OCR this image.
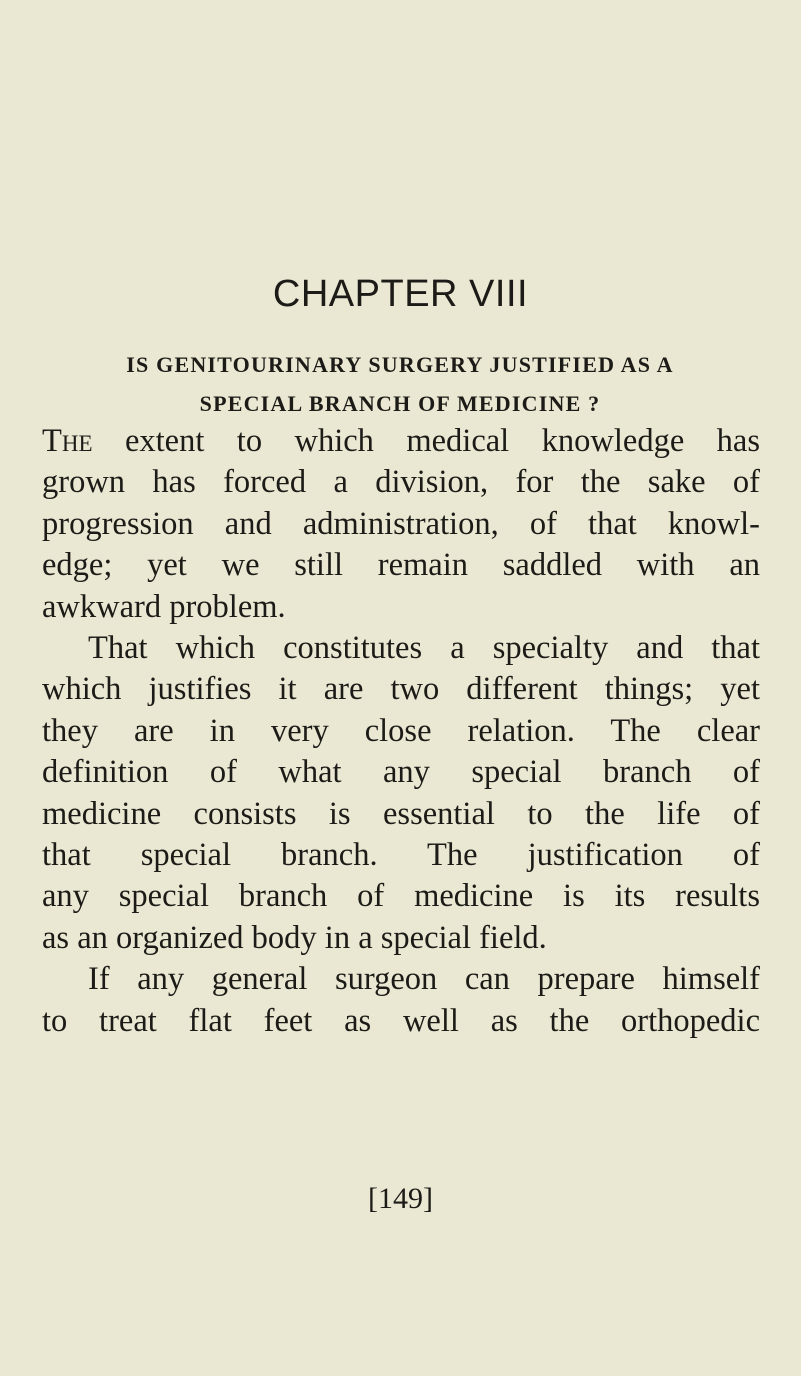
CHAPTER VIII
IS GENITOURINARY SURGERY JUSTIFIED AS A
SPECIAL BRANCH OF MEDICINE ?
The extent to which medical knowledge has
grown has forced a division, for the sake of
progression and administration, of that knowl-
edge; yet we still remain saddled with an
awkward problem.
That which constitutes a specialty and that
which justifies it are two different things; yet
they are in very close relation. The clear
definition of what any special branch of
medicine consists is essential to the life of
that special branch. The justification of
any special branch of medicine is its results
as an organized body in a special field.
If any general surgeon can prepare himself
to treat flat feet as well as the orthopedic
[149]
